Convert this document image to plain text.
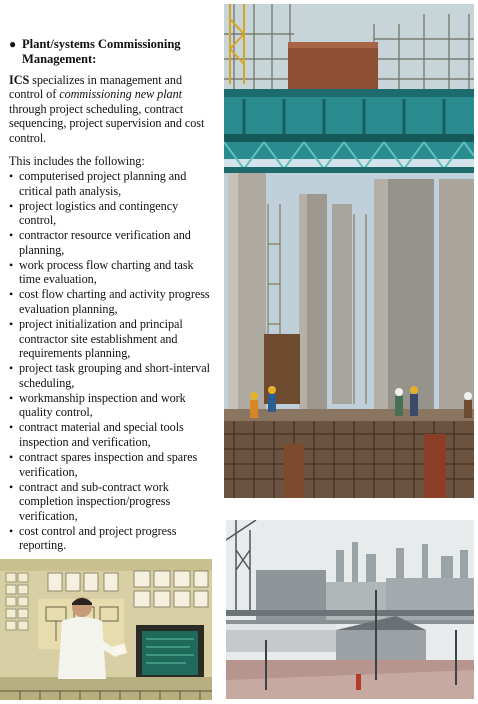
● Plant/systems Commissioning Management:

ICS specializes in management and control of commissioning new plant through project scheduling, contract sequencing, project supervision and cost control.

This includes the following:

• computerised project planning and critical path analysis,
• project logistics and contingency control,
• contractor resource verification and planning,
• work process flow charting and task time evaluation,
• cost flow charting and activity progress evaluation planning,
• project initialization and principal contractor site establishment and requirements planning,
• project task grouping and short-interval scheduling,
• workmanship inspection and work quality control,
• contract material and special tools inspection and verification,
• contract spares inspection and spares verification,
• contract and sub-contract work completion inspection/progress verification,
• cost control and project progress reporting.
